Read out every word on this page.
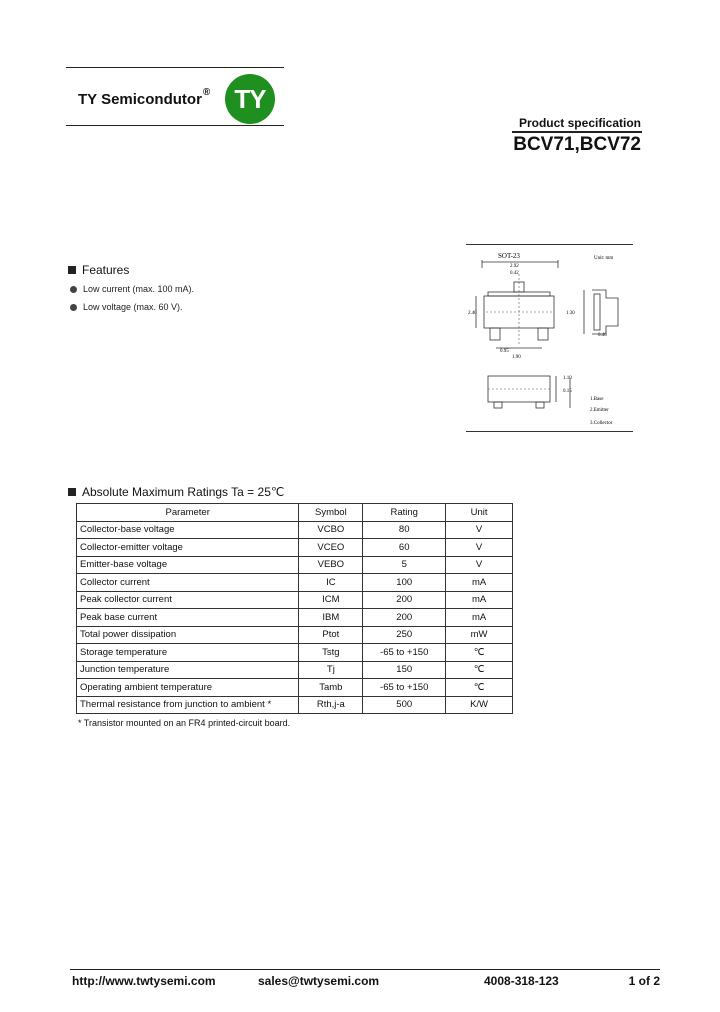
TY Semicondutor® TY
Product specification
BCV71,BCV72
Features
Low current (max. 100 mA).
Low voltage (max. 60 V).
SOT-23	Unit: mm
2.92
0.42
1.30
2.40
0.95
1.90
0.40
1.10
0.15
1.Base
2.Emitter
3.Collector
Absolute Maximum Ratings Ta = 25℃
Parameter	Symbol	Rating	Unit
Collector-base voltage	VCBO	80	V
Collector-emitter voltage	VCEO	60	V
Emitter-base voltage	VEBO	5	V
Collector current	IC	100	mA
Peak collector current	ICM	200	mA
Peak base current	IBM	200	mA
Total power dissipation	Ptot	250	mW
Storage temperature	Tstg	-65 to +150	℃
Junction temperature	Tj	150	℃
Operating ambient temperature	Tamb	-65 to +150	℃
Thermal resistance from junction to ambient *	Rth,j-a	500	K/W
* Transistor mounted on an FR4 printed-circuit board.
http://www.twtysemi.com	sales@twtysemi.com	4008-318-123	1 of 2
